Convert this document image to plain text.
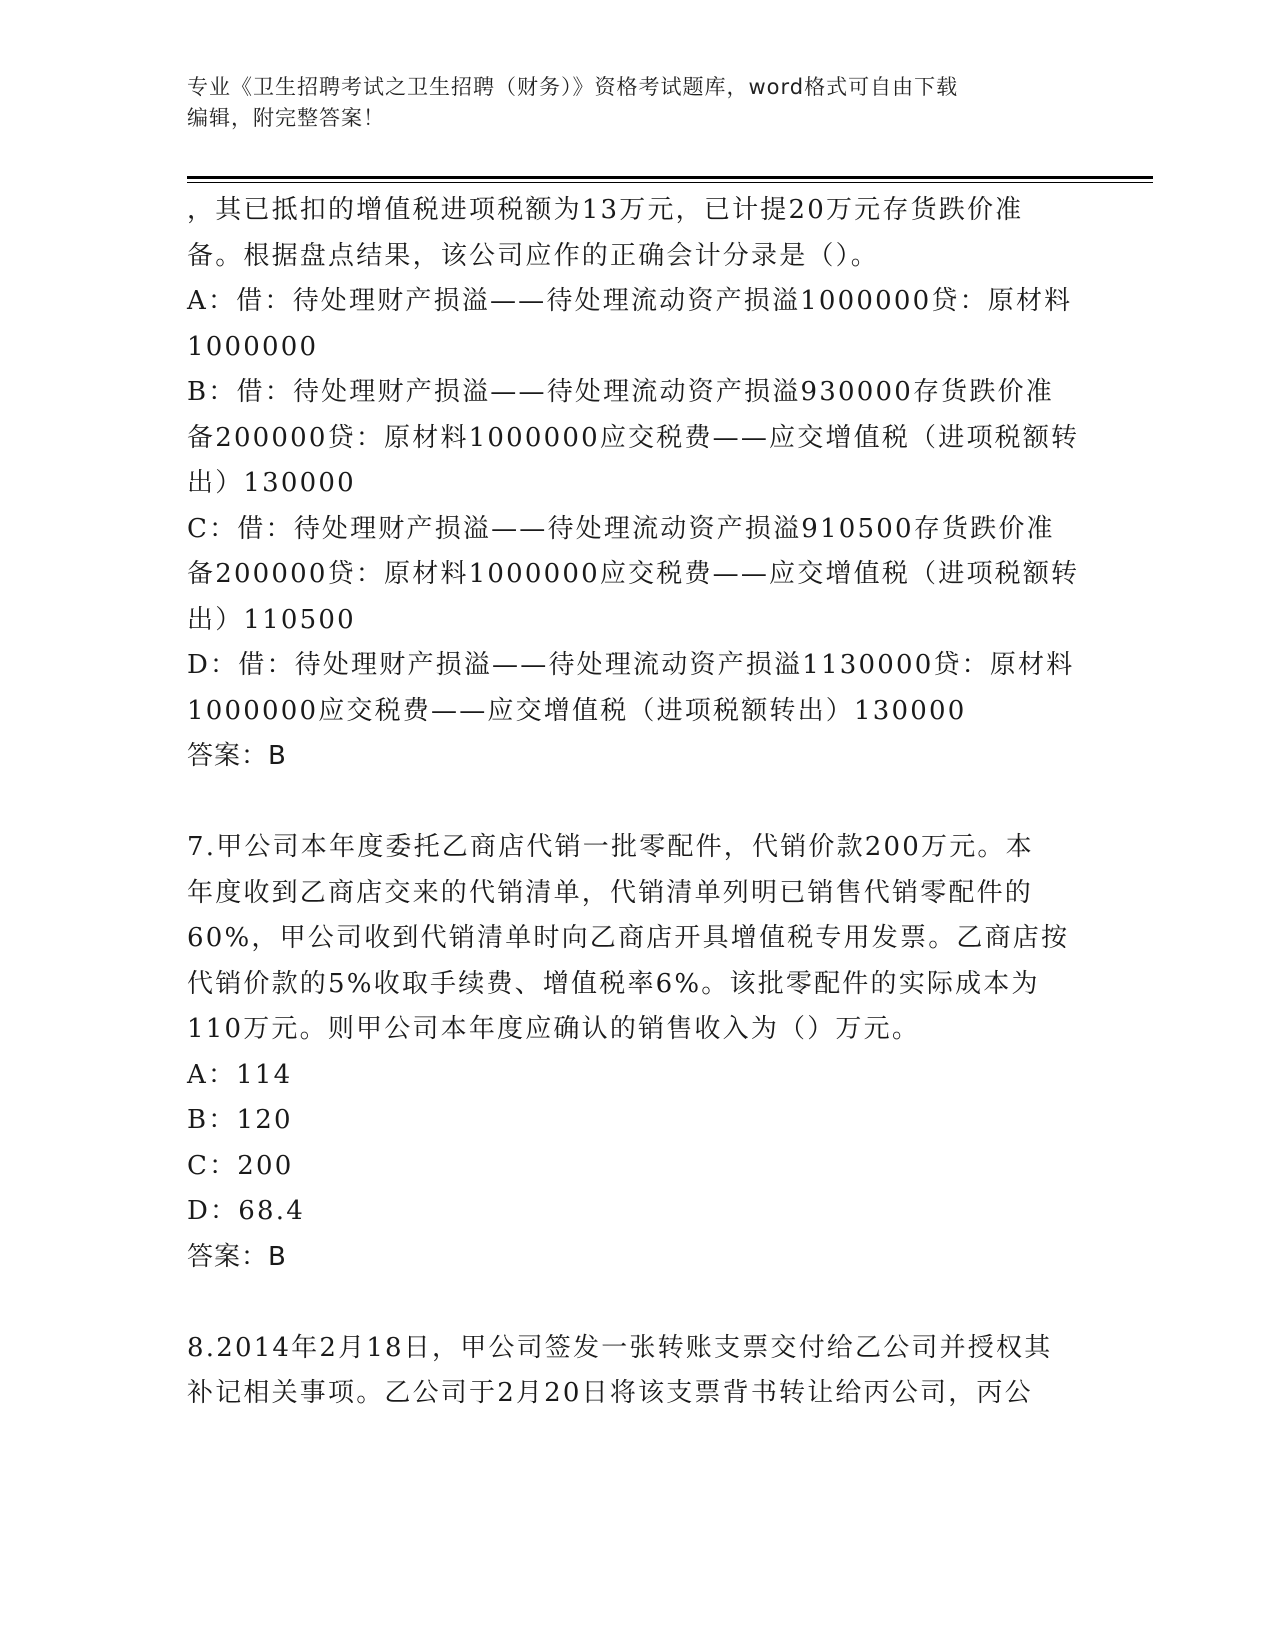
专业《卫生招聘考试之卫生招聘（财务）》资格考试题库，word格式可自由下载
编辑，附完整答案！
，其已抵扣的增值税进项税额为13万元，已计提20万元存货跌价准
备。根据盘点结果，该公司应作的正确会计分录是（）。
A：借：待处理财产损溢——待处理流动资产损溢1000000贷：原材料
1000000
B：借：待处理财产损溢——待处理流动资产损溢930000存货跌价准
备200000贷：原材料1000000应交税费——应交增值税（进项税额转
出）130000
C：借：待处理财产损溢——待处理流动资产损溢910500存货跌价准
备200000贷：原材料1000000应交税费——应交增值税（进项税额转
出）110500
D：借：待处理财产损溢——待处理流动资产损溢1130000贷：原材料
1000000应交税费——应交增值税（进项税额转出）130000
答案：B
7.甲公司本年度委托乙商店代销一批零配件，代销价款200万元。本
年度收到乙商店交来的代销清单，代销清单列明已销售代销零配件的
60%，甲公司收到代销清单时向乙商店开具增值税专用发票。乙商店按
代销价款的5%收取手续费、增值税率6%。该批零配件的实际成本为
110万元。则甲公司本年度应确认的销售收入为（）万元。
A：114
B：120
C：200
D：68.4
答案：B
8.2014年2月18日，甲公司签发一张转账支票交付给乙公司并授权其
补记相关事项。乙公司于2月20日将该支票背书转让给丙公司，丙公
